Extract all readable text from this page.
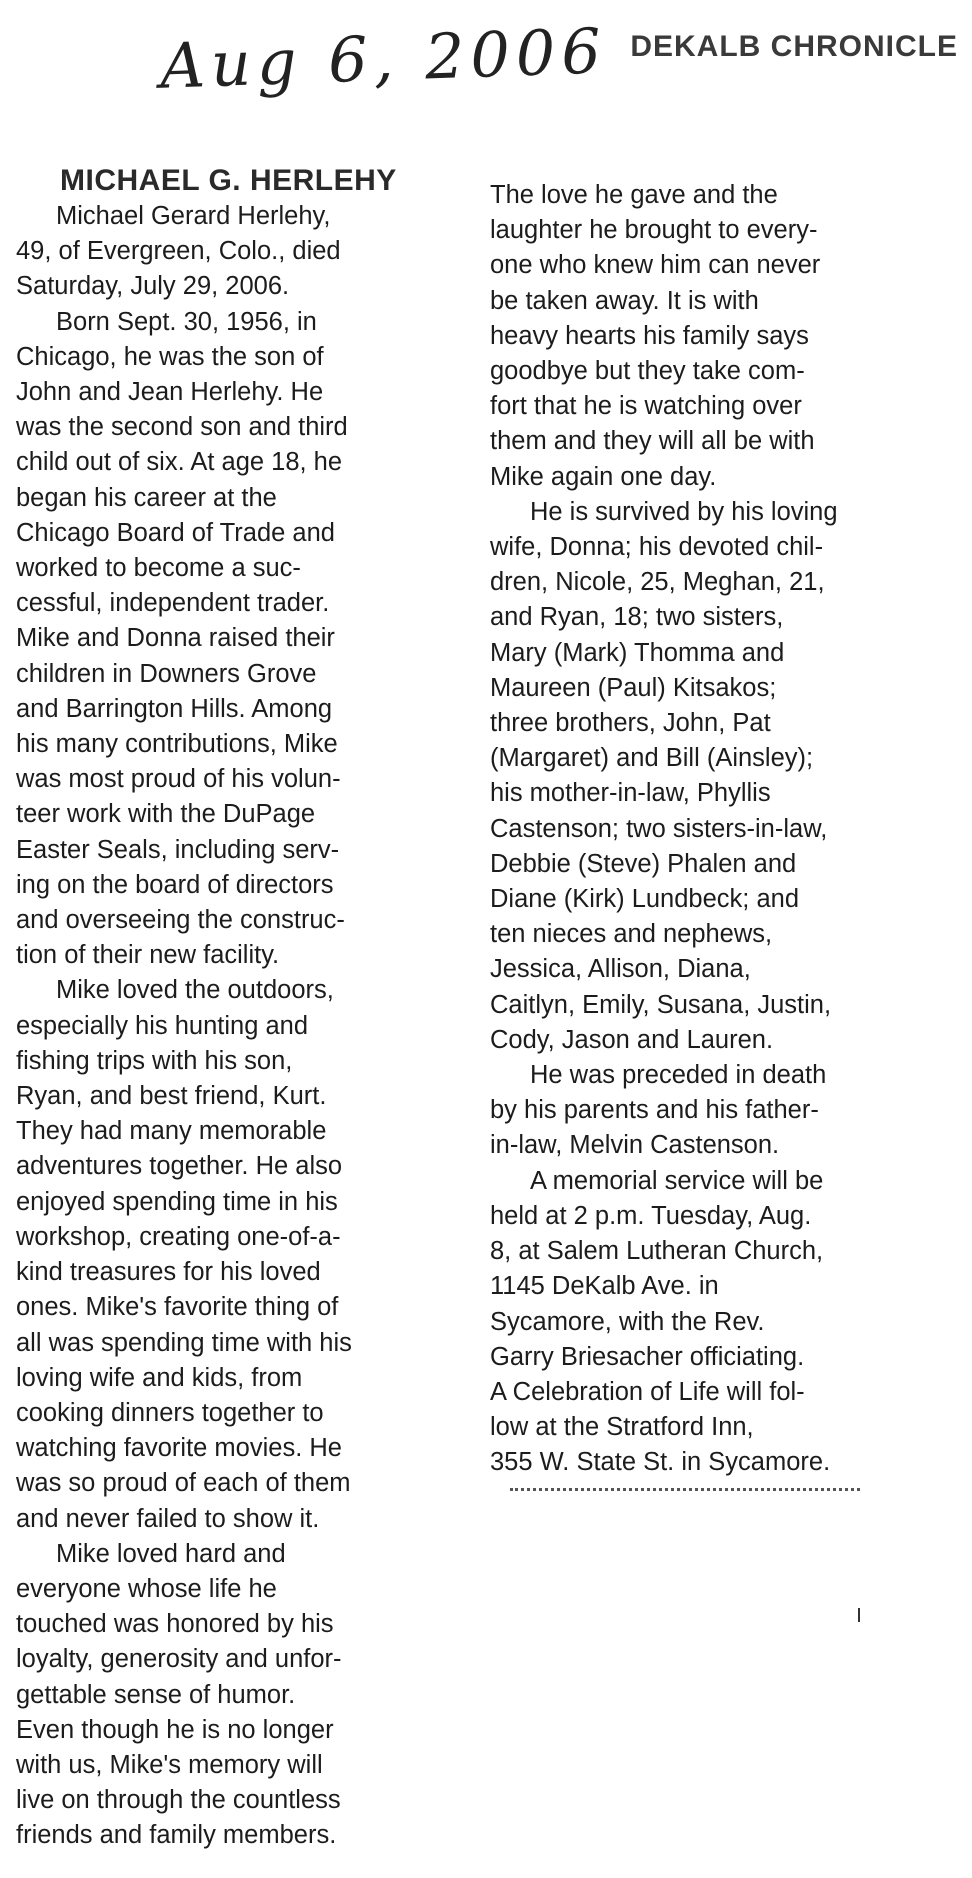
Aug 6, 2006 DEKALB CHRONICLE
MICHAEL G. HERLEHY
Michael Gerard Herlehy,
49, of Evergreen, Colo., died
Saturday, July 29, 2006.
Born Sept. 30, 1956, in
Chicago, he was the son of
John and Jean Herlehy. He
was the second son and third
child out of six. At age 18, he
began his career at the
Chicago Board of Trade and
worked to become a suc-
cessful, independent trader.
Mike and Donna raised their
children in Downers Grove
and Barrington Hills. Among
his many contributions, Mike
was most proud of his volun-
teer work with the DuPage
Easter Seals, including serv-
ing on the board of directors
and overseeing the construc-
tion of their new facility.
Mike loved the outdoors,
especially his hunting and
fishing trips with his son,
Ryan, and best friend, Kurt.
They had many memorable
adventures together. He also
enjoyed spending time in his
workshop, creating one-of-a-
kind treasures for his loved
ones. Mike's favorite thing of
all was spending time with his
loving wife and kids, from
cooking dinners together to
watching favorite movies. He
was so proud of each of them
and never failed to show it.
Mike loved hard and
everyone whose life he
touched was honored by his
loyalty, generosity and unfor-
gettable sense of humor.
Even though he is no longer
with us, Mike's memory will
live on through the countless
friends and family members.
The love he gave and the
laughter he brought to every-
one who knew him can never
be taken away. It is with
heavy hearts his family says
goodbye but they take com-
fort that he is watching over
them and they will all be with
Mike again one day.
He is survived by his loving
wife, Donna; his devoted chil-
dren, Nicole, 25, Meghan, 21,
and Ryan, 18; two sisters,
Mary (Mark) Thomma and
Maureen (Paul) Kitsakos;
three brothers, John, Pat
(Margaret) and Bill (Ainsley);
his mother-in-law, Phyllis
Castenson; two sisters-in-law,
Debbie (Steve) Phalen and
Diane (Kirk) Lundbeck; and
ten nieces and nephews,
Jessica, Allison, Diana,
Caitlyn, Emily, Susana, Justin,
Cody, Jason and Lauren.
He was preceded in death
by his parents and his father-
in-law, Melvin Castenson.
A memorial service will be
held at 2 p.m. Tuesday, Aug.
8, at Salem Lutheran Church,
1145 DeKalb Ave. in
Sycamore, with the Rev.
Garry Briesacher officiating.
A Celebration of Life will fol-
low at the Stratford Inn,
355 W. State St. in Sycamore.
